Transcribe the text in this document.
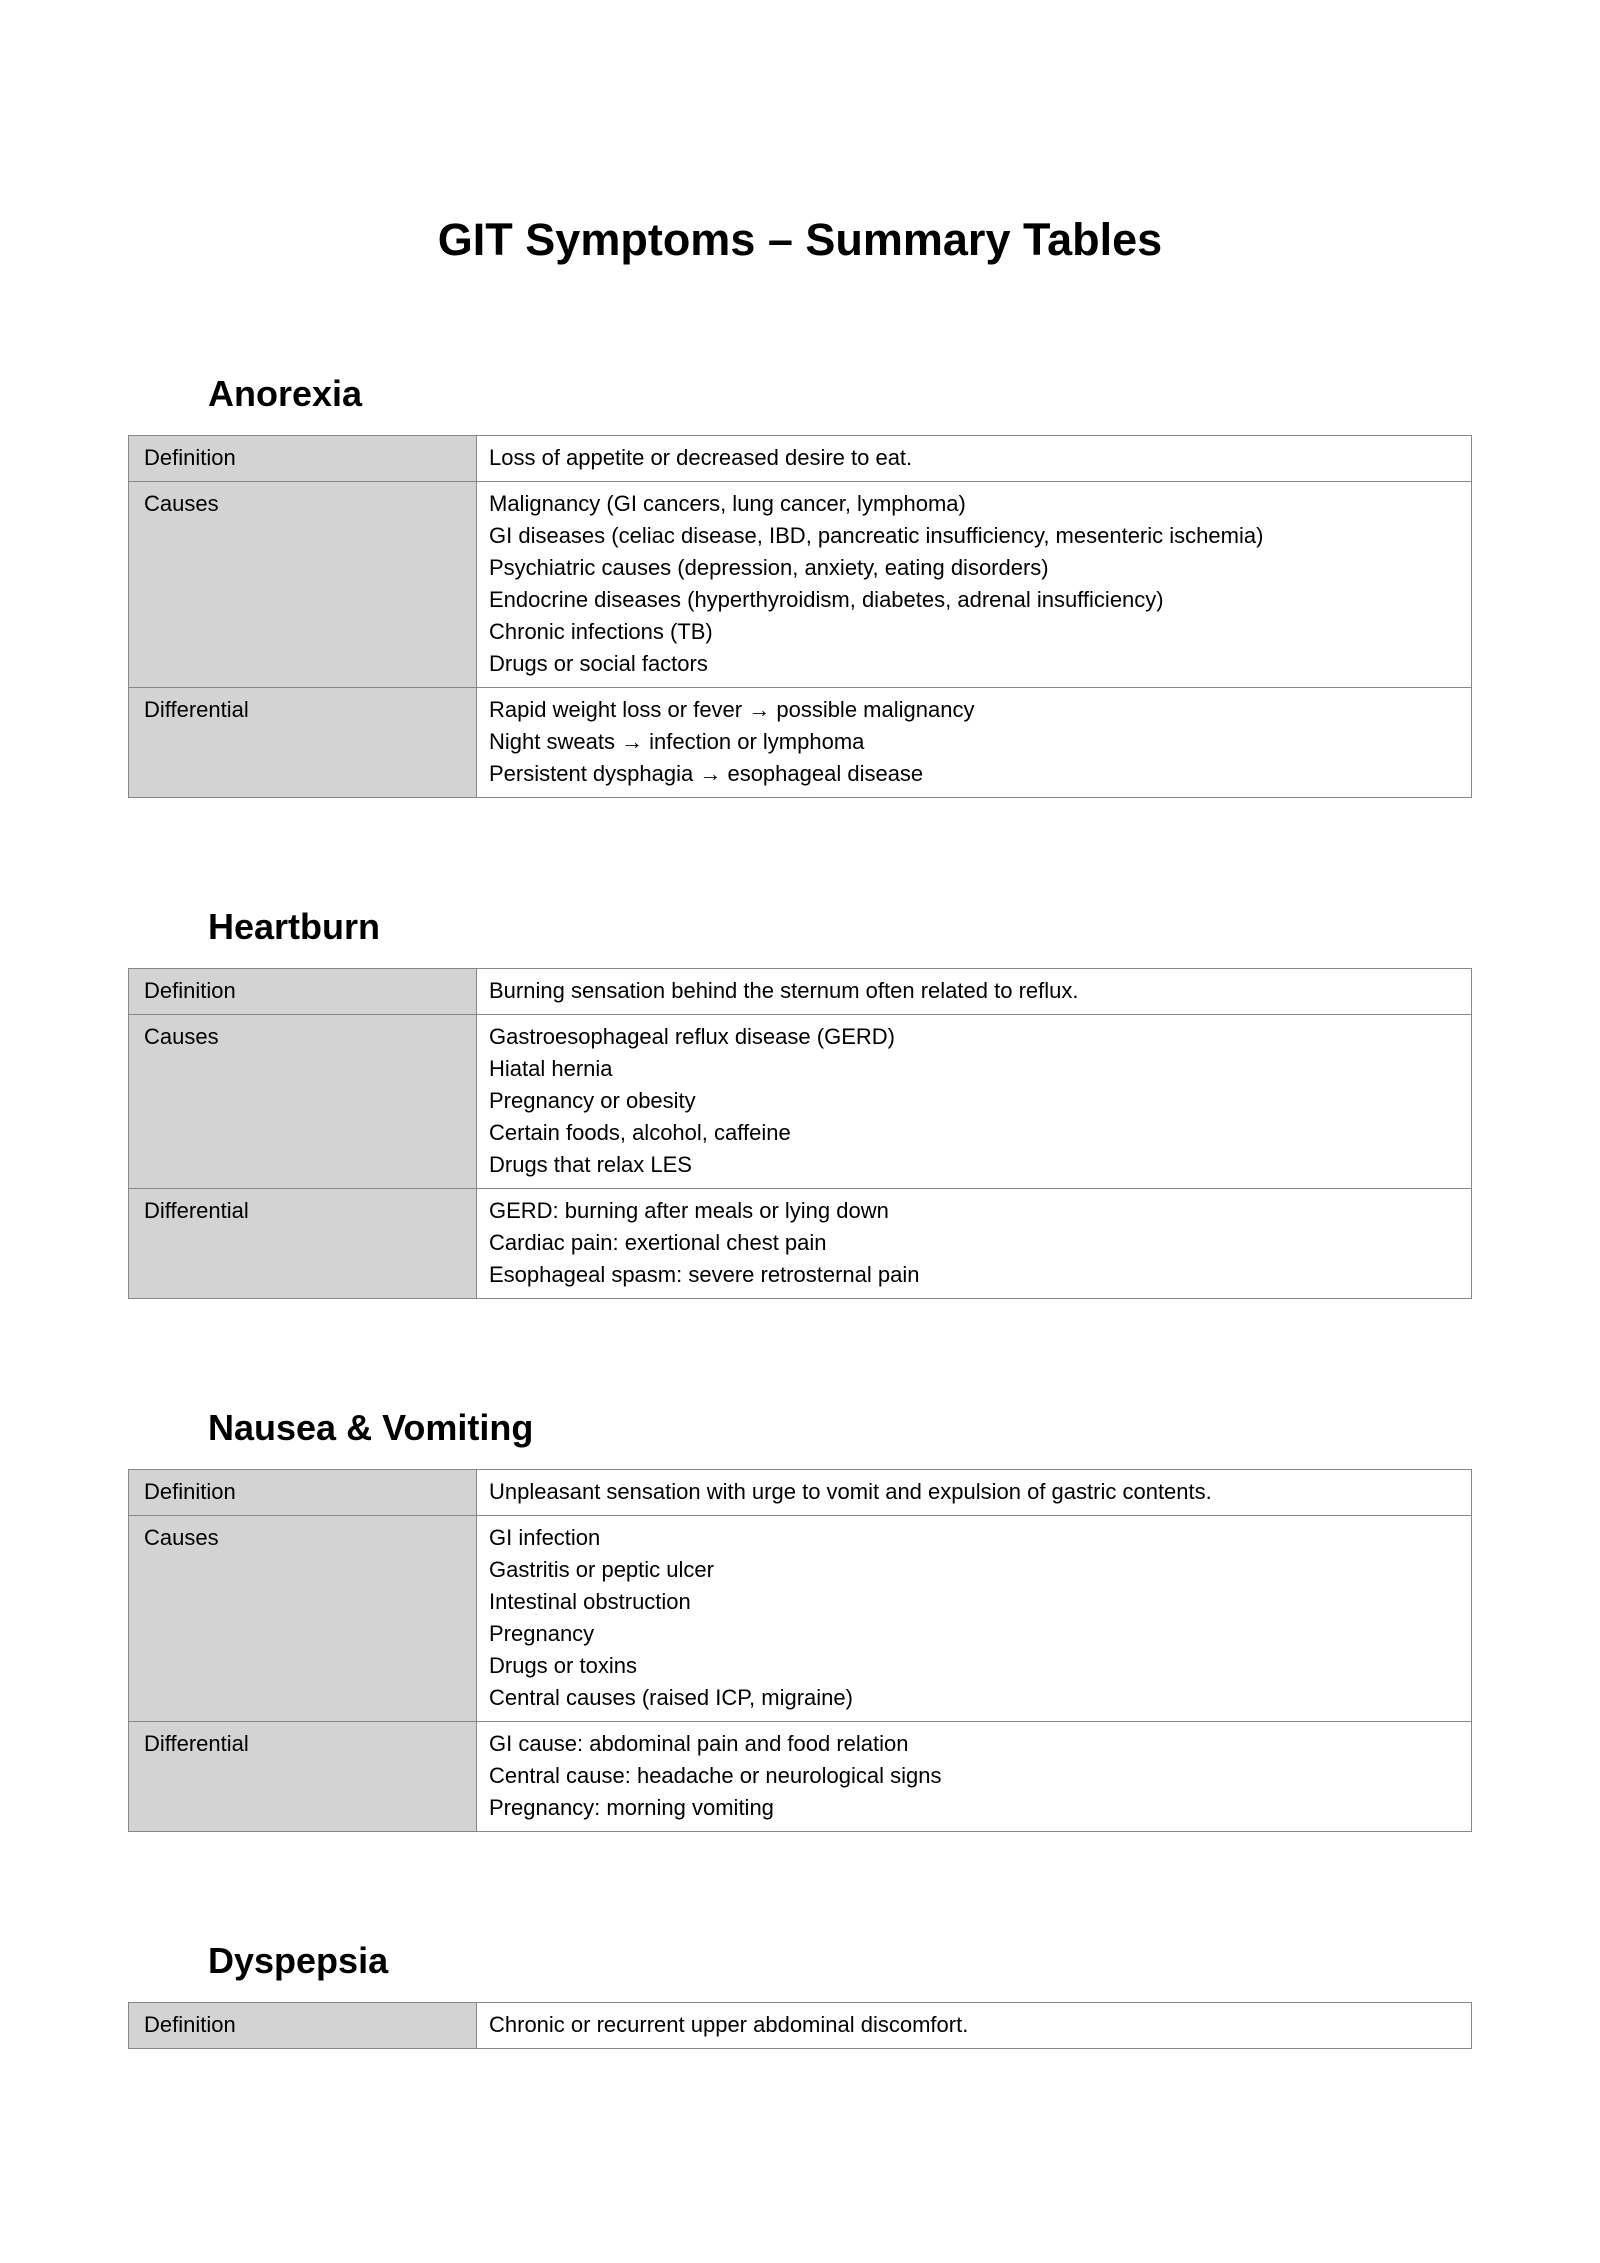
GIT Symptoms – Summary Tables
Anorexia
Definition	Loss of appetite or decreased desire to eat.

Causes	Malignancy (GI cancers, lung cancer, lymphoma)
GI diseases (celiac disease, IBD, pancreatic insufficiency, mesenteric ischemia)
Psychiatric causes (depression, anxiety, eating disorders)
Endocrine diseases (hyperthyroidism, diabetes, adrenal insufficiency)
Chronic infections (TB)
Drugs or social factors

Differential	Rapid weight loss or fever → possible malignancy
Night sweats → infection or lymphoma
Persistent dysphagia → esophageal disease
Heartburn
Definition	Burning sensation behind the sternum often related to reflux.

Causes	Gastroesophageal reflux disease (GERD)
Hiatal hernia
Pregnancy or obesity
Certain foods, alcohol, caffeine
Drugs that relax LES

Differential	GERD: burning after meals or lying down
Cardiac pain: exertional chest pain
Esophageal spasm: severe retrosternal pain
Nausea & Vomiting
Definition	Unpleasant sensation with urge to vomit and expulsion of gastric contents.

Causes	GI infection
Gastritis or peptic ulcer
Intestinal obstruction
Pregnancy
Drugs or toxins
Central causes (raised ICP, migraine)

Differential	GI cause: abdominal pain and food relation
Central cause: headache or neurological signs
Pregnancy: morning vomiting
Dyspepsia
Definition	Chronic or recurrent upper abdominal discomfort.
